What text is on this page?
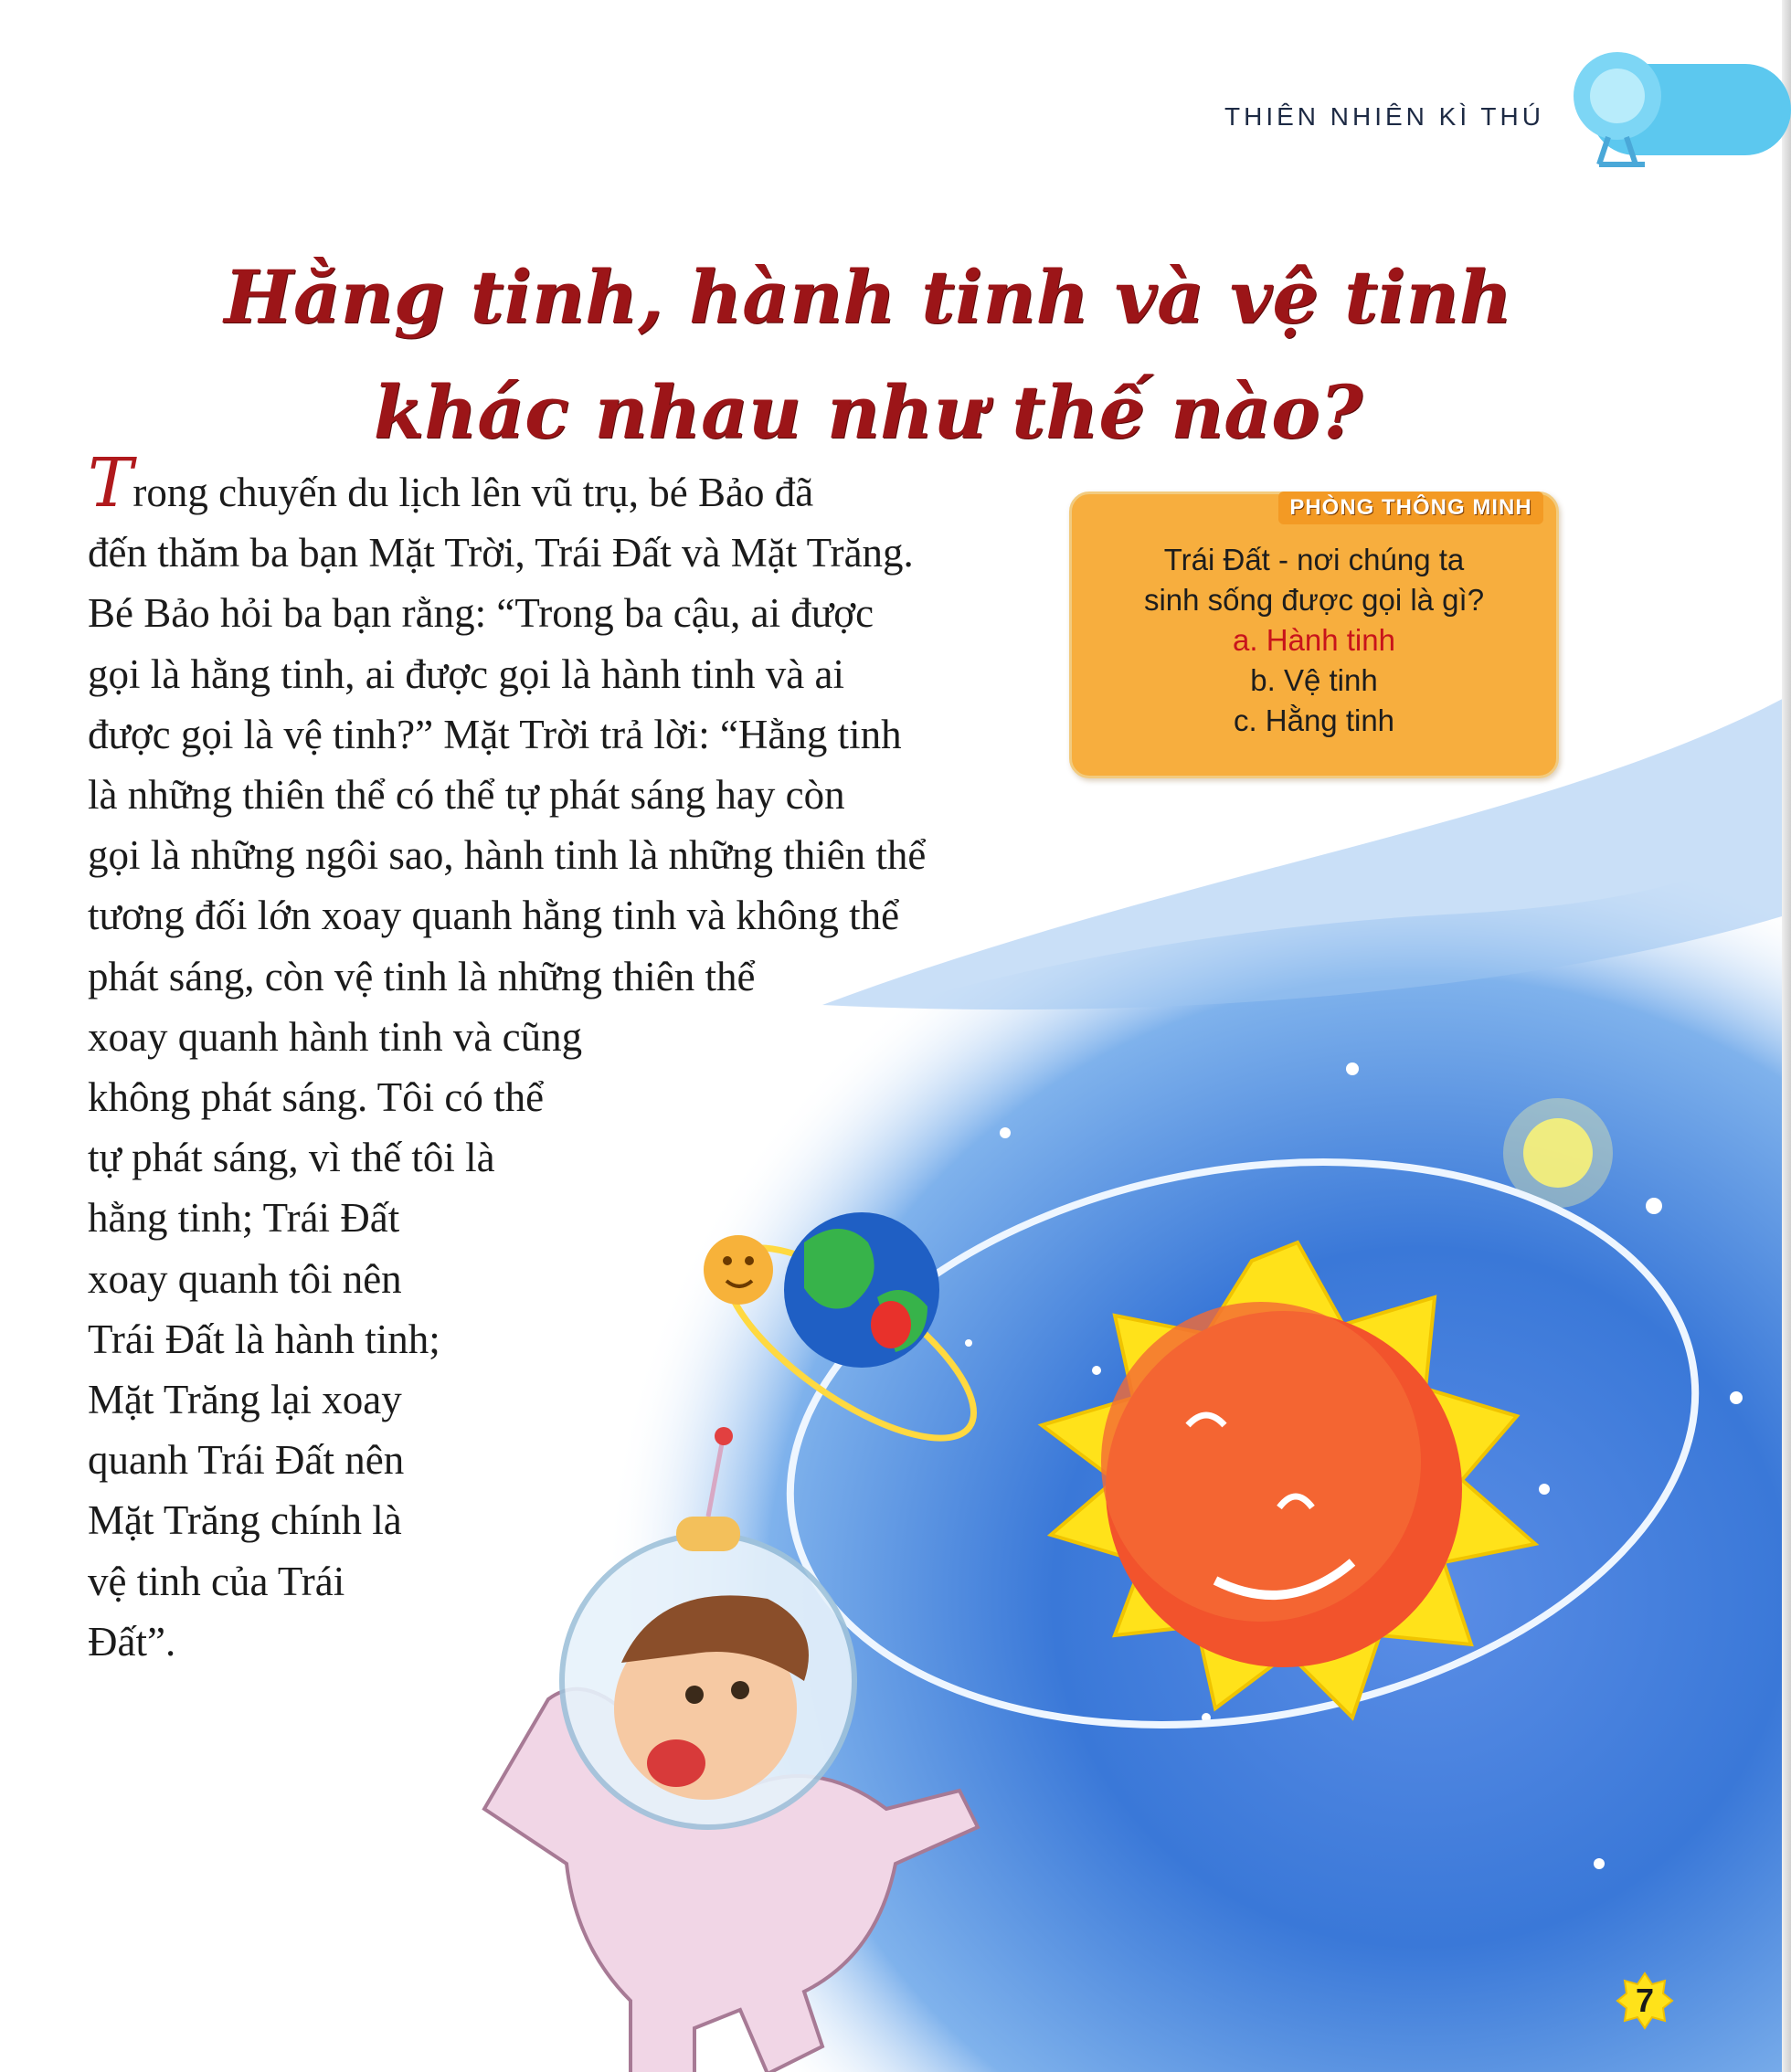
THIÊN NHIÊN KÌ THÚ
Hằng tinh, hành tinh và vệ tinh
khác nhau như thế nào?
Trong chuyến du lịch lên vũ trụ, bé Bảo đã
đến thăm ba bạn Mặt Trời, Trái Đất và Mặt Trăng.
Bé Bảo hỏi ba bạn rằng: “Trong ba cậu, ai được
gọi là hằng tinh, ai được gọi là hành tinh và ai
được gọi là vệ tinh?” Mặt Trời trả lời: “Hằng tinh
là những thiên thể có thể tự phát sáng hay còn
gọi là những ngôi sao, hành tinh là những thiên thể
tương đối lớn xoay quanh hằng tinh và không thể
phát sáng, còn vệ tinh là những thiên thể
xoay quanh hành tinh và cũng
không phát sáng. Tôi có thể
tự phát sáng, vì thế tôi là
hằng tinh; Trái Đất
xoay quanh tôi nên
Trái Đất là hành tinh;
Mặt Trăng lại xoay
quanh Trái Đất nên
Mặt Trăng chính là
vệ tinh của Trái
Đất”.
PHÒNG THÔNG MINH
Trái Đất - nơi chúng ta
sinh sống được gọi là gì?
a. Hành tinh
b. Vệ tinh
c. Hằng tinh
7
